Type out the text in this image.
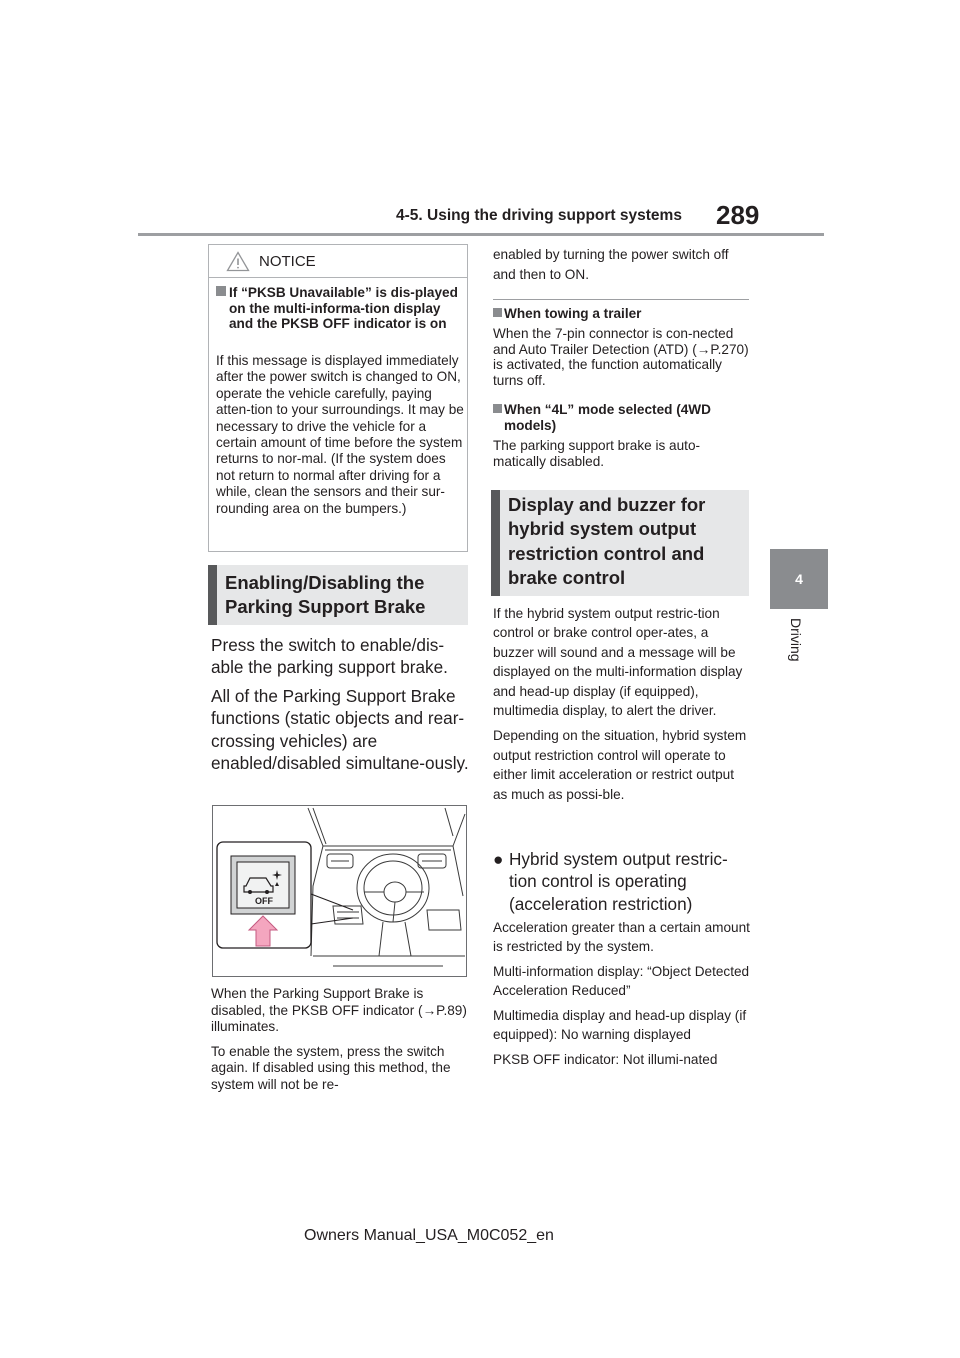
4-5. Using the driving support systems 289
4
Driving
NOTICE
If “PKSB Unavailable” is dis-played on the multi-informa-tion display and the PKSB OFF indicator is on
If this message is displayed immediately after the power switch is changed to ON, operate the vehicle carefully, paying atten-tion to your surroundings. It may be necessary to drive the vehicle for a certain amount of time before the system returns to nor-mal. (If the system does not return to normal after driving for a while, clean the sensors and their sur-rounding area on the bumpers.)
Enabling/Disabling the Parking Support Brake

Press the switch to enable/dis-able the parking support brake.

All of the Parking Support Brake functions (static objects and rear-crossing vehicles) are enabled/disabled simultane-ously.

OFF

When the Parking Support Brake is disabled, the PKSB OFF indicator (→P.89) illuminates.

To enable the system, press the switch again. If disabled using this method, the system will not be re-

enabled by turning the power switch off and then to ON.
When towing a trailer

When the 7-pin connector is con-nected and Auto Trailer Detection (ATD) (→P.270) is activated, the function automatically turns off.

When “4L” mode selected (4WD models)

The parking support brake is auto-matically disabled.

Display and buzzer for hybrid system output restriction control and brake control

If the hybrid system output restric-tion control or brake control oper-ates, a buzzer will sound and a message will be displayed on the multi-information display and head-up display (if equipped), multimedia display, to alert the driver.

Depending on the situation, hybrid system output restriction control will operate to either limit acceleration or restrict output as much as possi-ble.

● Hybrid system output restric-tion control is operating (acceleration restriction)

Acceleration greater than a certain amount is restricted by the system.

Multi-information display: “Object Detected Acceleration Reduced”

Multimedia display and head-up display (if equipped): No warning displayed

PKSB OFF indicator: Not illumi-nated

Owners Manual_USA_M0C052_en
